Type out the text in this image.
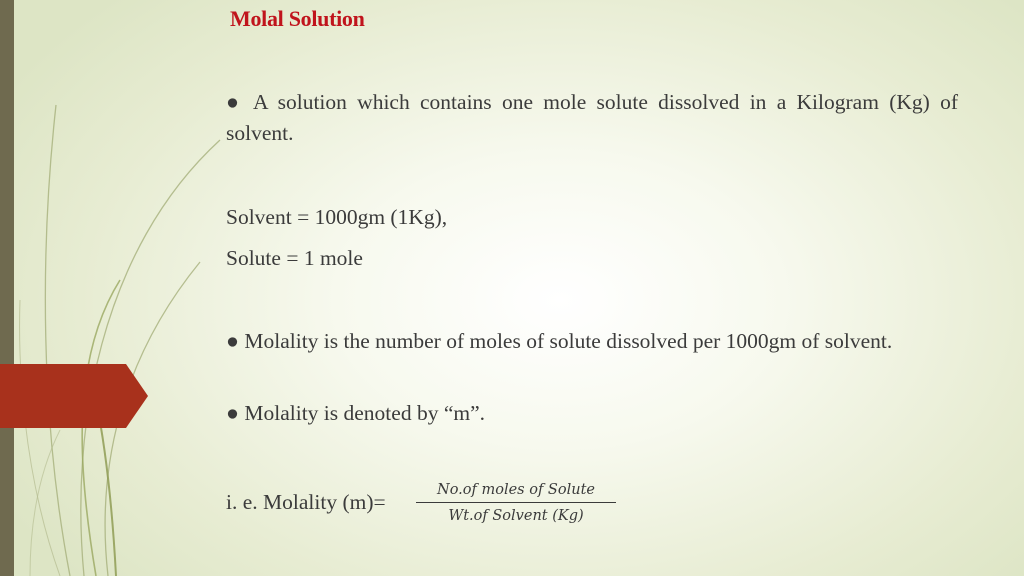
Molal Solution
● A solution which contains one mole solute dissolved in a Kilogram (Kg) of solvent.
Solvent = 1000gm (1Kg),
Solute = 1 mole
● Molality is the number of moles of solute dissolved per 1000gm of solvent.
● Molality is denoted by “m”.
i. e. Molality (m)=	No.of moles of Solute
Wt.of Solvent (Kg)
